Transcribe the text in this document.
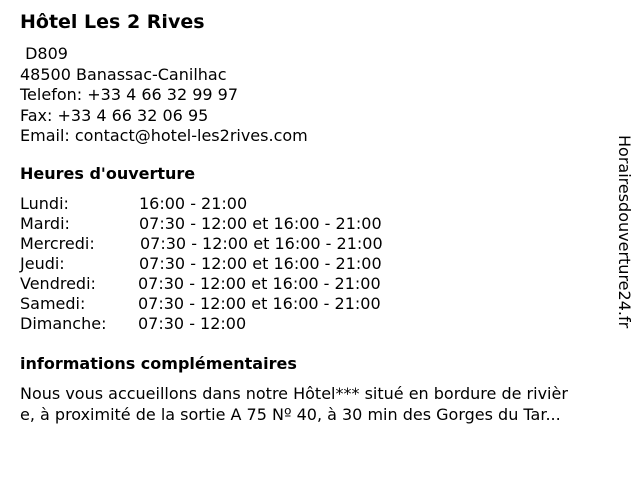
Hôtel Les 2 Rives
D809
48500 Banassac-Canilhac
Telefon: +33 4 66 32 99 97
Fax: +33 4 66 32 06 95
Email: contact@hotel-les2rives.com
Heures d'ouverture
Lundi:	16:00 - 21:00
Mardi:	07:30 - 12:00 et 16:00 - 21:00
Mercredi:	07:30 - 12:00 et 16:00 - 21:00
Jeudi:	07:30 - 12:00 et 16:00 - 21:00
Vendredi:	07:30 - 12:00 et 16:00 - 21:00
Samedi:	07:30 - 12:00 et 16:00 - 21:00
Dimanche: 07:30 - 12:00
informations complémentaires
Nous vous accueillons dans notre Hôtel*** situé en bordure de rivièr
e, à proximité de la sortie A 75 Nº 40, à 30 min des Gorges du Tar...
Horairesdouverture24.fr
